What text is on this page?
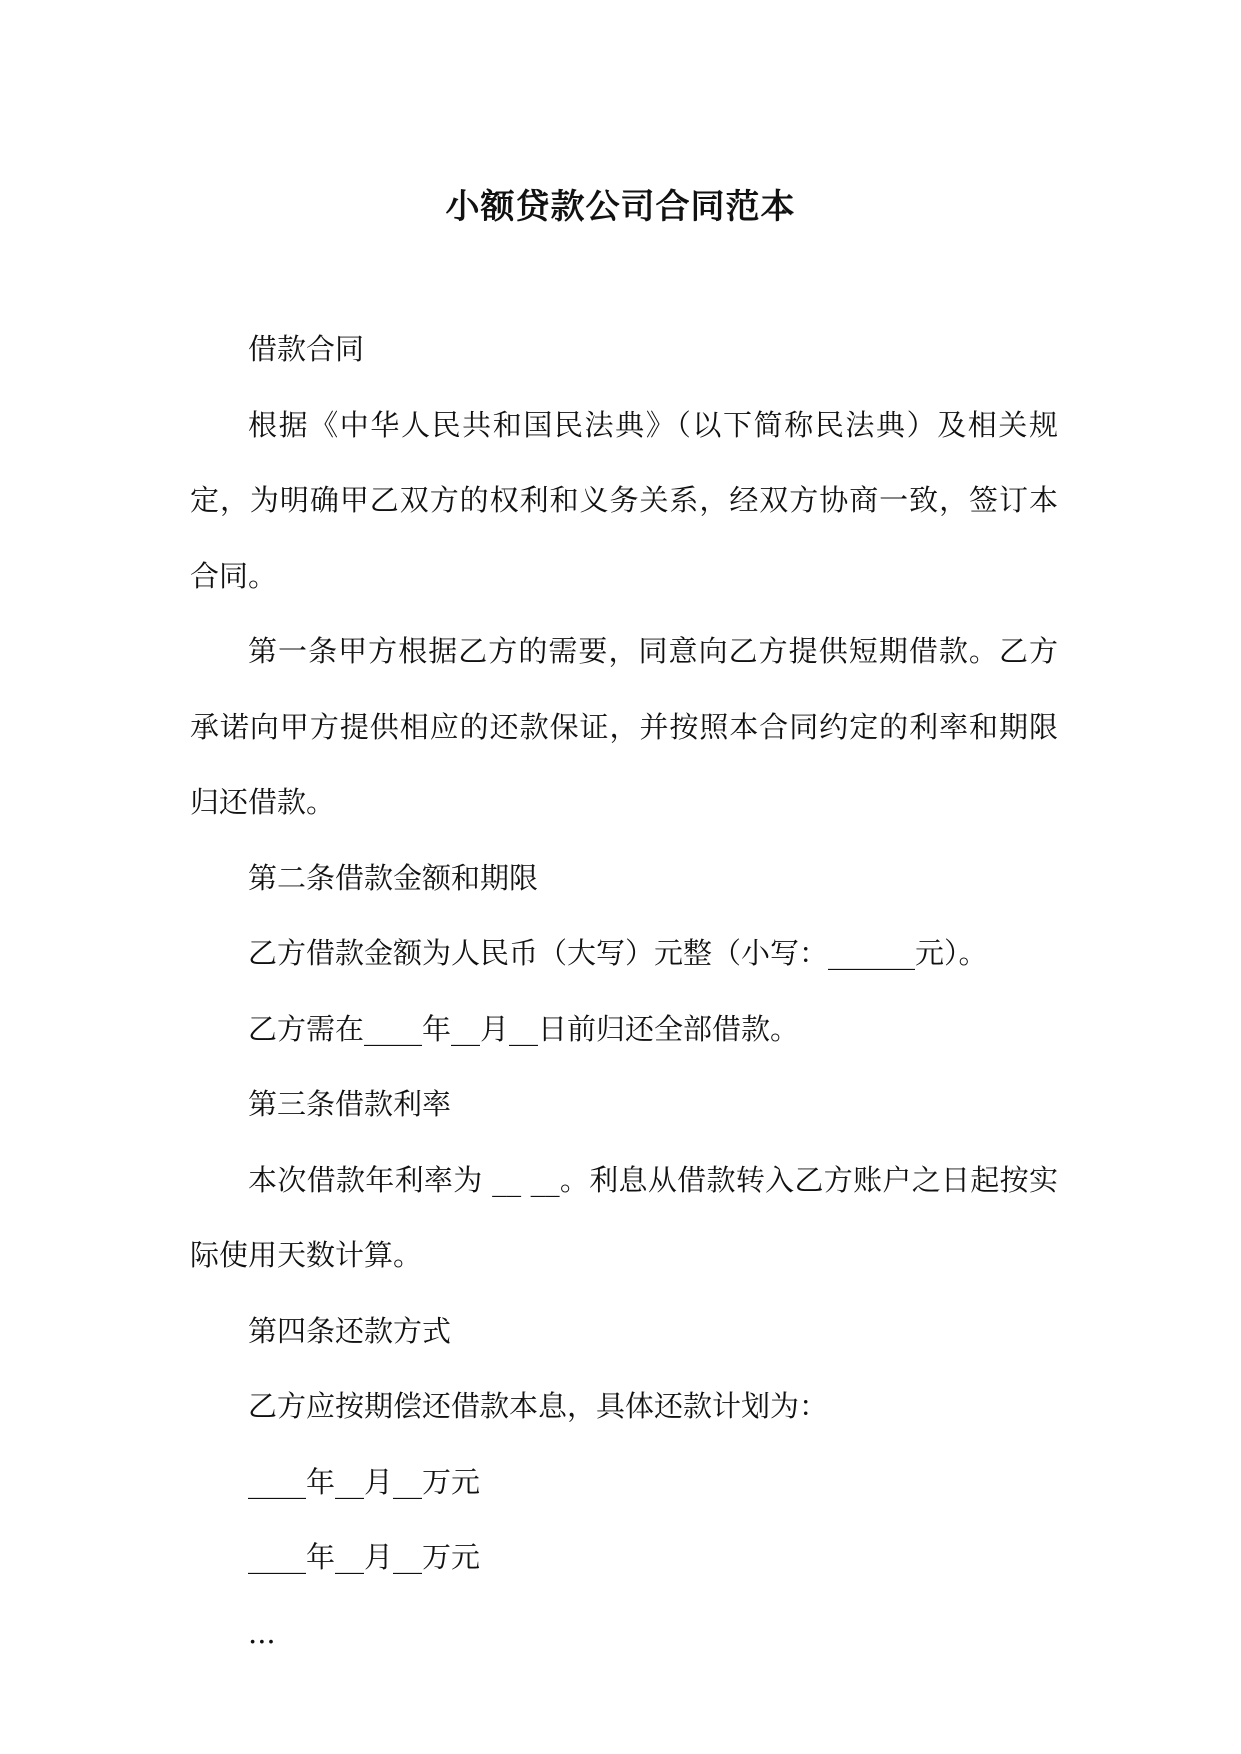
小额贷款公司合同范本

借款合同

根据《中华人民共和国民法典》（以下简称民法典）及相关规定，为明确甲乙双方的权利和义务关系，经双方协商一致，签订本合同。

第一条甲方根据乙方的需要，同意向乙方提供短期借款。乙方承诺向甲方提供相应的还款保证，并按照本合同约定的利率和期限归还借款。

第二条借款金额和期限

乙方借款金额为人民币（大写）元整（小写：______元）。

乙方需在____年__月__日前归还全部借款。

第三条借款利率

本次借款年利率为 __ __。利息从借款转入乙方账户之日起按实际使用天数计算。

第四条还款方式

乙方应按期偿还借款本息，具体还款计划为：

____年__月__万元

____年__月__万元

...
